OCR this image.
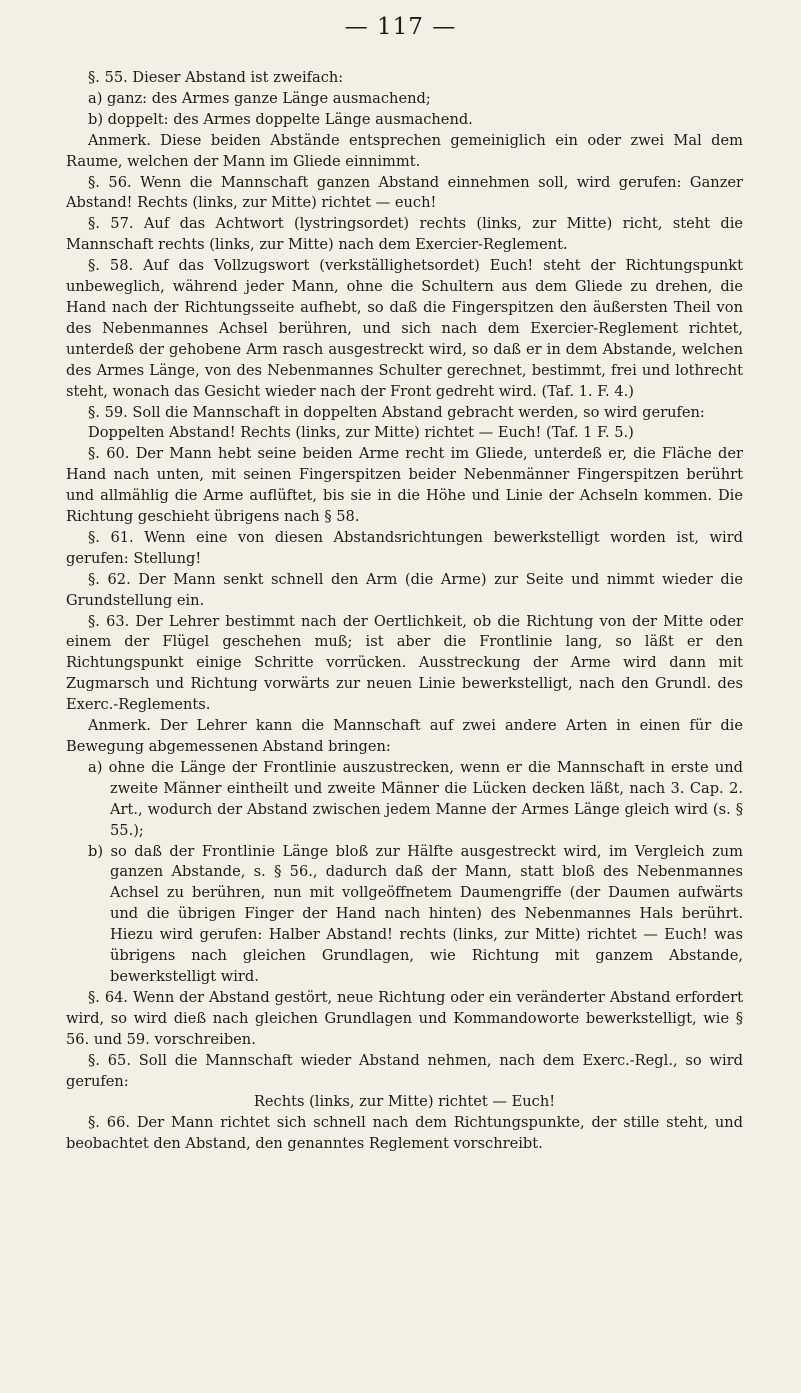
— 117 —

§. 55. Dieser Abstand ist zweifach:

a) ganz: des Armes ganze Länge ausmachend;

b) doppelt: des Armes doppelte Länge ausmachend.

Anmerk. Diese beiden Abstände entsprechen gemeiniglich ein oder zwei Mal dem Raume, welchen der Mann im Gliede einnimmt.

§. 56. Wenn die Mannschaft ganzen Abstand einnehmen soll, wird gerufen: Ganzer Abstand! Rechts (links, zur Mitte) richtet — euch!

§. 57. Auf das Achtwort (lystringsordet) rechts (links, zur Mitte) richt, steht die Mannschaft rechts (links, zur Mitte) nach dem Exercier-Reglement.

§. 58. Auf das Vollzugswort (verkställighetsordet) Euch! steht der Richtungspunkt unbeweglich, während jeder Mann, ohne die Schultern aus dem Gliede zu drehen, die Hand nach der Richtungsseite aufhebt, so daß die Fingerspitzen den äußersten Theil von des Nebenmannes Achsel berühren, und sich nach dem Exercier-Reglement richtet, unterdeß der gehobene Arm rasch ausgestreckt wird, so daß er in dem Abstande, welchen des Armes Länge, von des Nebenmannes Schulter gerechnet, bestimmt, frei und lothrecht steht, wonach das Gesicht wieder nach der Front gedreht wird. (Taf. 1. F. 4.)

§. 59. Soll die Mannschaft in doppelten Abstand gebracht werden, so wird gerufen:

Doppelten Abstand! Rechts (links, zur Mitte) richtet — Euch! (Taf. 1 F. 5.)

§. 60. Der Mann hebt seine beiden Arme recht im Gliede, unterdeß er, die Fläche der Hand nach unten, mit seinen Fingerspitzen beider Nebenmänner Fingerspitzen berührt und allmählig die Arme auflüftet, bis sie in die Höhe und Linie der Achseln kommen. Die Richtung geschieht übrigens nach § 58.

§. 61. Wenn eine von diesen Abstandsrichtungen bewerkstelligt worden ist, wird gerufen: Stellung!

§. 62. Der Mann senkt schnell den Arm (die Arme) zur Seite und nimmt wieder die Grundstellung ein.

§. 63. Der Lehrer bestimmt nach der Oertlichkeit, ob die Richtung von der Mitte oder einem der Flügel geschehen muß; ist aber die Frontlinie lang, so läßt er den Richtungspunkt einige Schritte vorrücken. Ausstreckung der Arme wird dann mit Zugmarsch und Richtung vorwärts zur neuen Linie bewerkstelligt, nach den Grundl. des Exerc.-Reglements.

Anmerk. Der Lehrer kann die Mannschaft auf zwei andere Arten in einen für die Bewegung abgemessenen Abstand bringen:

a) ohne die Länge der Frontlinie auszustrecken, wenn er die Mannschaft in erste und zweite Männer eintheilt und zweite Männer die Lücken decken läßt, nach 3. Cap. 2. Art., wodurch der Abstand zwischen jedem Manne der Armes Länge gleich wird (s. § 55.);

b) so daß der Frontlinie Länge bloß zur Hälfte ausgestreckt wird, im Vergleich zum ganzen Abstande, s. § 56., dadurch daß der Mann, statt bloß des Nebenmannes Achsel zu berühren, nun mit vollgeöffnetem Daumengriffe (der Daumen aufwärts und die übrigen Finger der Hand nach hinten) des Nebenmannes Hals berührt. Hiezu wird gerufen: Halber Abstand! rechts (links, zur Mitte) richtet — Euch! was übrigens nach gleichen Grundlagen, wie Richtung mit ganzem Abstande, bewerkstelligt wird.

§. 64. Wenn der Abstand gestört, neue Richtung oder ein veränderter Abstand erfordert wird, so wird dieß nach gleichen Grundlagen und Kommandoworte bewerkstelligt, wie § 56. und 59. vorschreiben.

§. 65. Soll die Mannschaft wieder Abstand nehmen, nach dem Exerc.-Regl., so wird gerufen:

Rechts (links, zur Mitte) richtet — Euch!

§. 66. Der Mann richtet sich schnell nach dem Richtungspunkte, der stille steht, und beobachtet den Abstand, den genanntes Reglement vorschreibt.
